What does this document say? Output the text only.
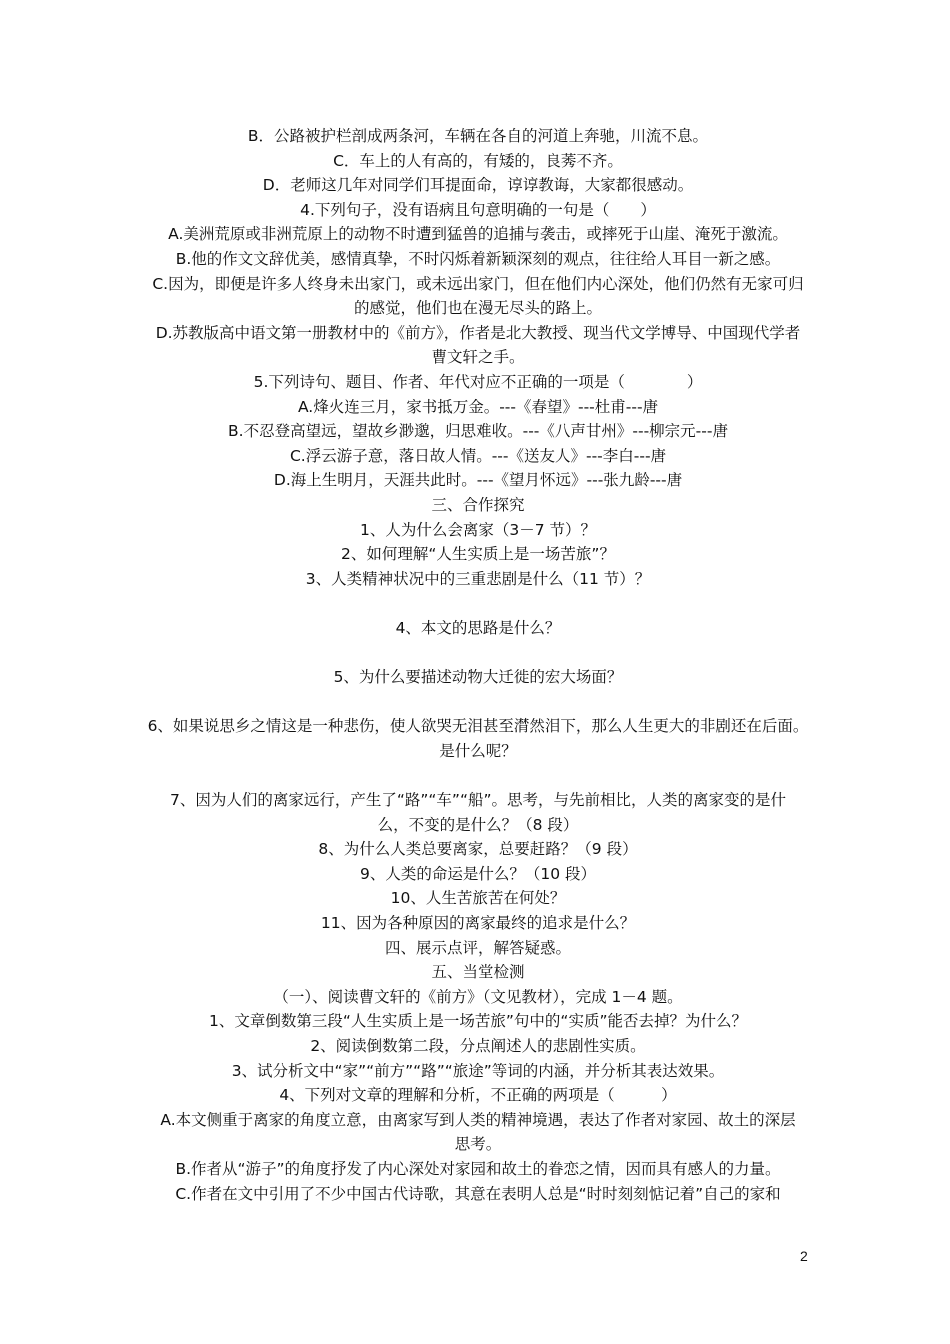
B．公路被护栏剖成两条河，车辆在各自的河道上奔驰，川流不息。
C．车上的人有高的，有矮的，良莠不齐。
D．老师这几年对同学们耳提面命，谆谆教诲，大家都很感动。
4.下列句子，没有语病且句意明确的一句是（　　）
A.美洲荒原或非洲荒原上的动物不时遭到猛兽的追捕与袭击，或摔死于山崖、淹死于激流。
B.他的作文文辞优美，感情真挚，不时闪烁着新颖深刻的观点，往往给人耳目一新之感。
C.因为，即便是许多人终身未出家门，或未远出家门，但在他们内心深处，他们仍然有无家可归
的感觉，他们也在漫无尽头的路上。
D.苏教版高中语文第一册教材中的《前方》，作者是北大教授、现当代文学博导、中国现代学者
曹文轩之手。
5.下列诗句、题目、作者、年代对应不正确的一项是（　　　　）
A.烽火连三月，家书抵万金。---《春望》---杜甫---唐
B.不忍登高望远，望故乡渺邈，归思难收。---《八声甘州》---柳宗元---唐
C.浮云游子意，落日故人情。---《送友人》---李白---唐
D.海上生明月，天涯共此时。---《望月怀远》---张九龄---唐
三、合作探究
1、人为什么会离家（3－7 节）？
2、如何理解“人生实质上是一场苦旅”？
3、人类精神状况中的三重悲剧是什么（11 节）？
4、本文的思路是什么？
5、为什么要描述动物大迁徙的宏大场面？
6、如果说思乡之情这是一种悲伤，使人欲哭无泪甚至潸然泪下，那么人生更大的非剧还在后面。
是什么呢？
7、因为人们的离家远行，产生了“路”“车”“船”。思考，与先前相比，人类的离家变的是什
么，不变的是什么？（8 段）
8、为什么人类总要离家，总要赶路？（9 段）
9、人类的命运是什么？（10 段）
10、人生苦旅苦在何处？
11、因为各种原因的离家最终的追求是什么？
四、展示点评，解答疑惑。
五、当堂检测
（一）、阅读曹文轩的《前方》（文见教材），完成 1－4 题。
1、文章倒数第三段“人生实质上是一场苦旅”句中的“实质”能否去掉？为什么？
2、阅读倒数第二段，分点阐述人的悲剧性实质。
3、试分析文中“家”“前方”“路”“旅途”等词的内涵，并分析其表达效果。
4、下列对文章的理解和分析，不正确的两项是（　　　）
A.本文侧重于离家的角度立意，由离家写到人类的精神境遇，表达了作者对家园、故土的深层
思考。
B.作者从“游子”的角度抒发了内心深处对家园和故土的眷恋之情，因而具有感人的力量。
C.作者在文中引用了不少中国古代诗歌，其意在表明人总是“时时刻刻惦记着”自己的家和
2
